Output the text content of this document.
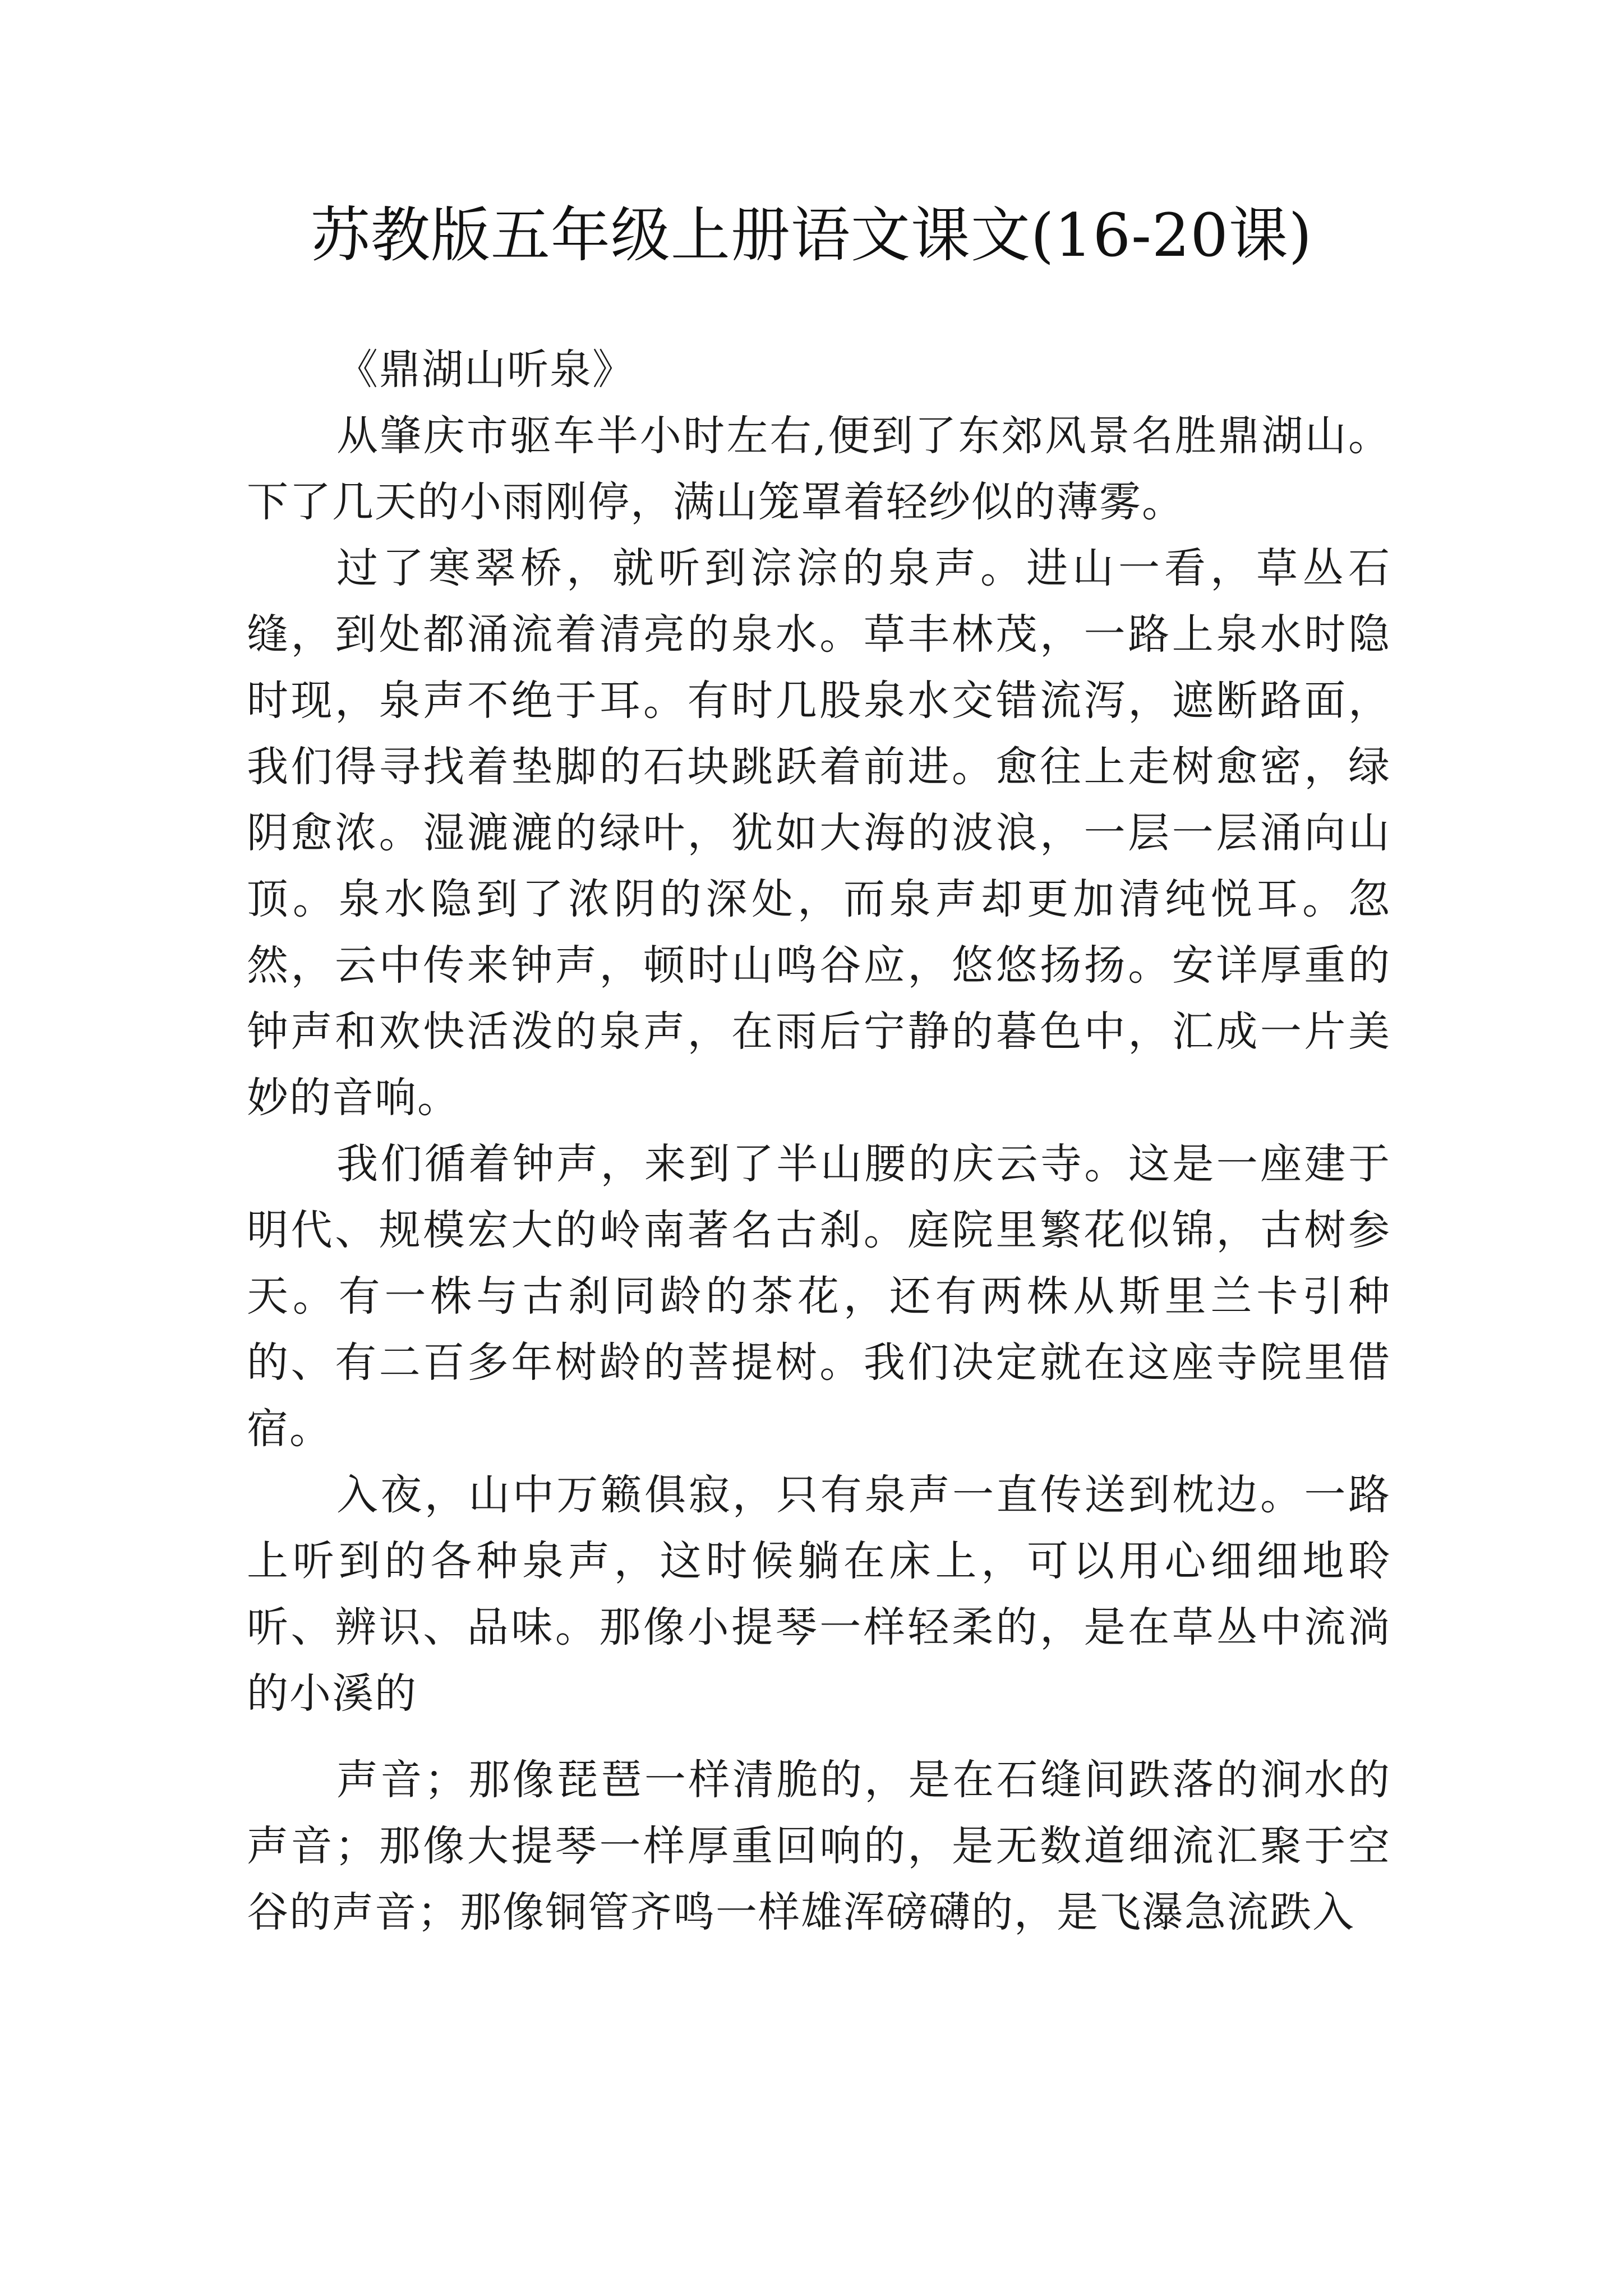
苏教版五年级上册语文课文(16-20课)

《鼎湖山听泉》

从肇庆市驱车半小时左右,便到了东郊风景名胜鼎湖山。下了几天的小雨刚停，满山笼罩着轻纱似的薄雾。

过了寒翠桥，就听到淙淙的泉声。进山一看，草丛石缝，到处都涌流着清亮的泉水。草丰林茂，一路上泉水时隐时现，泉声不绝于耳。有时几股泉水交错流泻，遮断路面，我们得寻找着垫脚的石块跳跃着前进。愈往上走树愈密，绿阴愈浓。湿漉漉的绿叶，犹如大海的波浪，一层一层涌向山顶。泉水隐到了浓阴的深处，而泉声却更加清纯悦耳。忽然，云中传来钟声，顿时山鸣谷应，悠悠扬扬。安详厚重的钟声和欢快活泼的泉声，在雨后宁静的暮色中，汇成一片美妙的音响。

我们循着钟声，来到了半山腰的庆云寺。这是一座建于明代、规模宏大的岭南著名古刹。庭院里繁花似锦，古树参天。有一株与古刹同龄的茶花，还有两株从斯里兰卡引种的、有二百多年树龄的菩提树。我们决定就在这座寺院里借宿。

入夜，山中万籁俱寂，只有泉声一直传送到枕边。一路上听到的各种泉声，这时候躺在床上，可以用心细细地聆听、辨识、品味。那像小提琴一样轻柔的，是在草丛中流淌的小溪的

声音；那像琵琶一样清脆的，是在石缝间跌落的涧水的声音；那像大提琴一样厚重回响的，是无数道细流汇聚于空谷的声音；那像铜管齐鸣一样雄浑磅礴的，是飞瀑急流跌入
